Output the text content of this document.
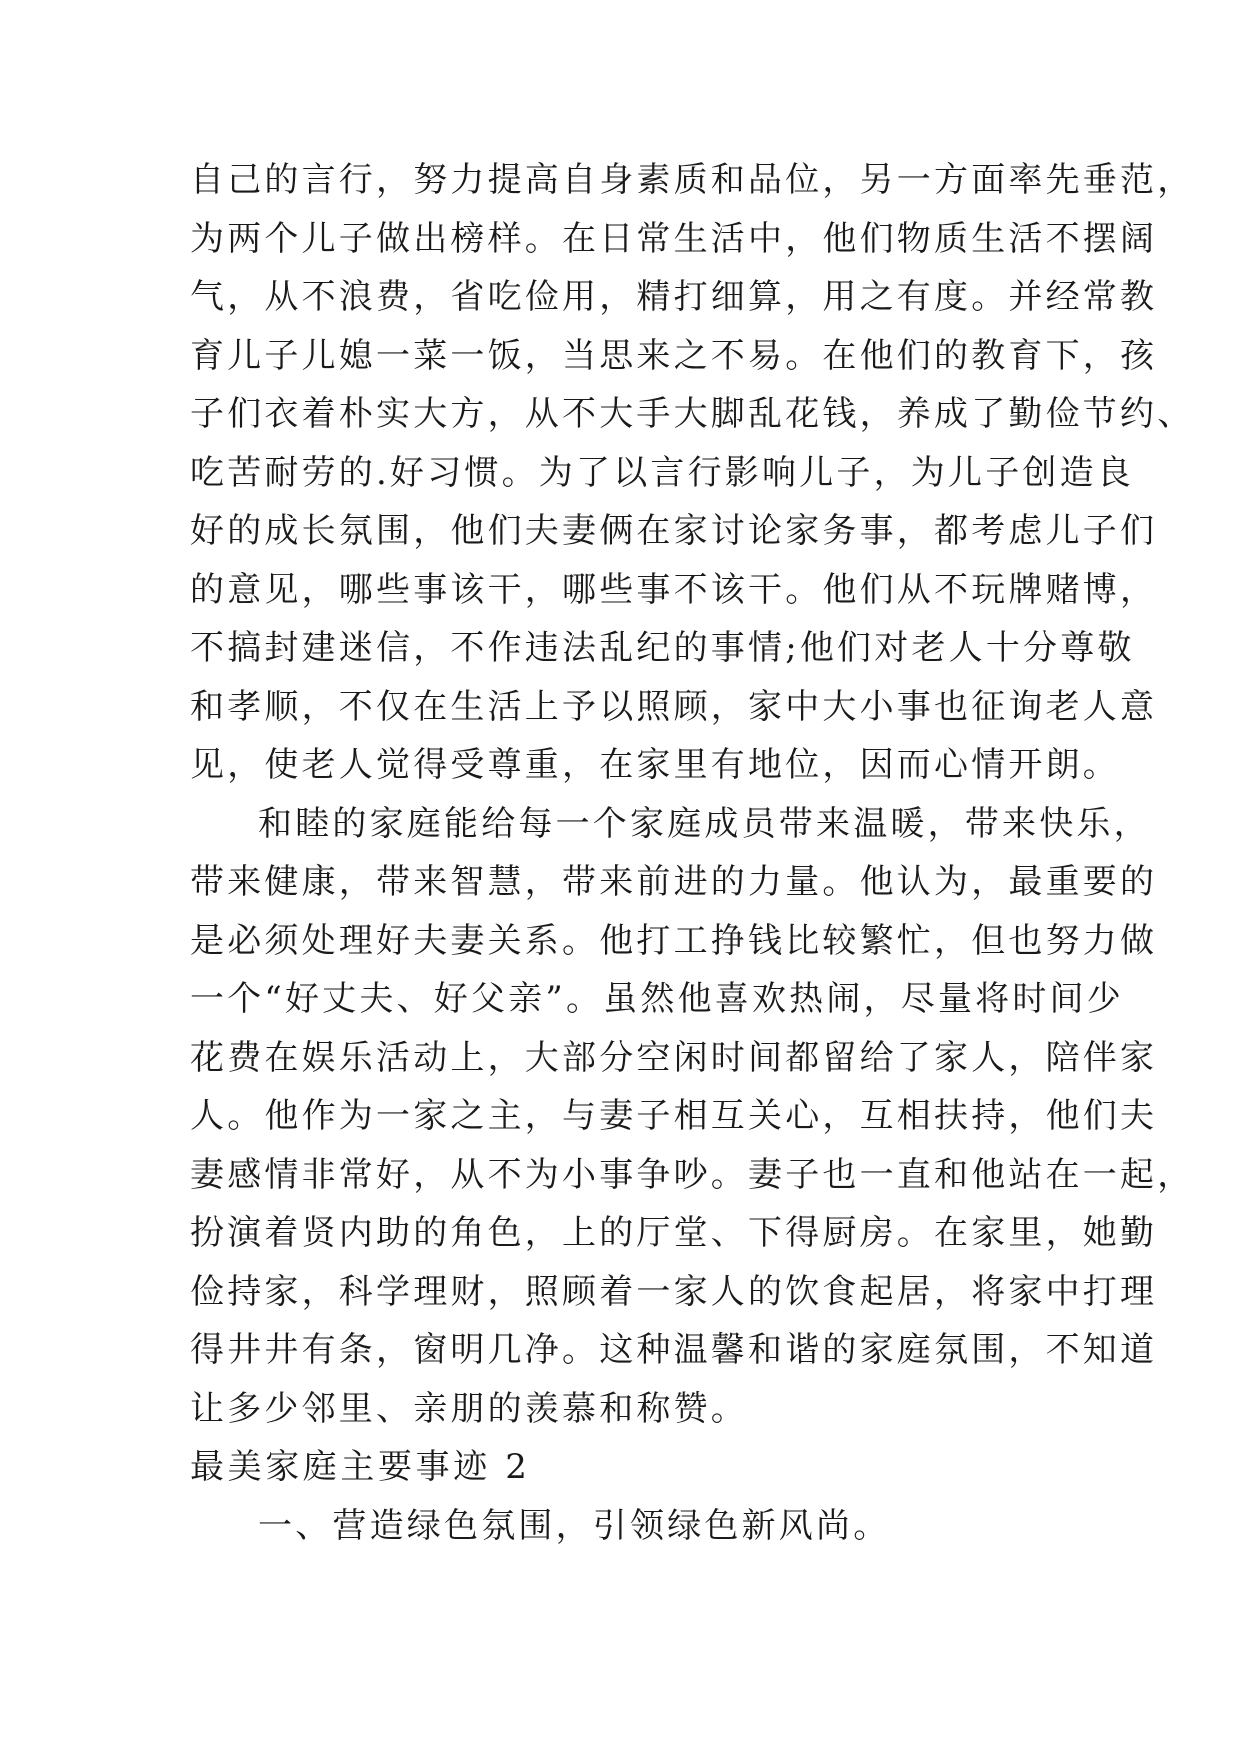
自己的言行，努力提高自身素质和品位，另一方面率先垂范，
为两个儿子做出榜样。在日常生活中，他们物质生活不摆阔
气，从不浪费，省吃俭用，精打细算，用之有度。并经常教
育儿子儿媳一菜一饭，当思来之不易。在他们的教育下，孩
子们衣着朴实大方，从不大手大脚乱花钱，养成了勤俭节约、
吃苦耐劳的.好习惯。为了以言行影响儿子，为儿子创造良
好的成长氛围，他们夫妻俩在家讨论家务事，都考虑儿子们
的意见，哪些事该干，哪些事不该干。他们从不玩牌赌博，
不搞封建迷信，不作违法乱纪的事情;他们对老人十分尊敬
和孝顺，不仅在生活上予以照顾，家中大小事也征询老人意
见，使老人觉得受尊重，在家里有地位，因而心情开朗。
和睦的家庭能给每一个家庭成员带来温暖，带来快乐，
带来健康，带来智慧，带来前进的力量。他认为，最重要的
是必须处理好夫妻关系。他打工挣钱比较繁忙，但也努力做
一个“好丈夫、好父亲”。虽然他喜欢热闹，尽量将时间少
花费在娱乐活动上，大部分空闲时间都留给了家人，陪伴家
人。他作为一家之主，与妻子相互关心，互相扶持，他们夫
妻感情非常好，从不为小事争吵。妻子也一直和他站在一起，
扮演着贤内助的角色，上的厅堂、下得厨房。在家里，她勤
俭持家，科学理财，照顾着一家人的饮食起居，将家中打理
得井井有条，窗明几净。这种温馨和谐的家庭氛围，不知道
让多少邻里、亲朋的羡慕和称赞。
最美家庭主要事迹 2
一、营造绿色氛围，引领绿色新风尚。
